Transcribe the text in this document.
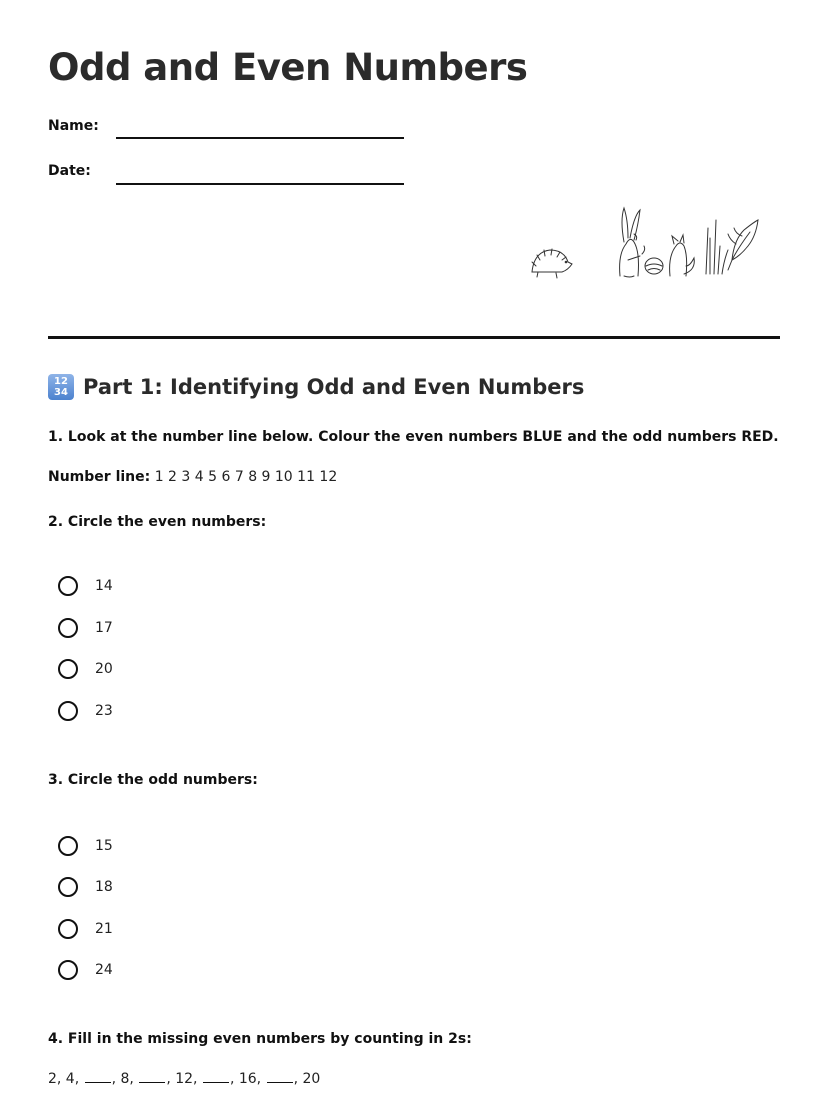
Odd and Even Numbers
Name:
Date:
12
34 Part 1: Identifying Odd and Even Numbers
1. Look at the number line below. Colour the even numbers BLUE and the odd numbers RED.
Number line: 1 2 3 4 5 6 7 8 9 10 11 12
2. Circle the even numbers:
14
17
20
23
3. Circle the odd numbers:
15
18
21
24
4. Fill in the missing even numbers by counting in 2s:
2, 4, , 8, , 12, , 16, , 20
